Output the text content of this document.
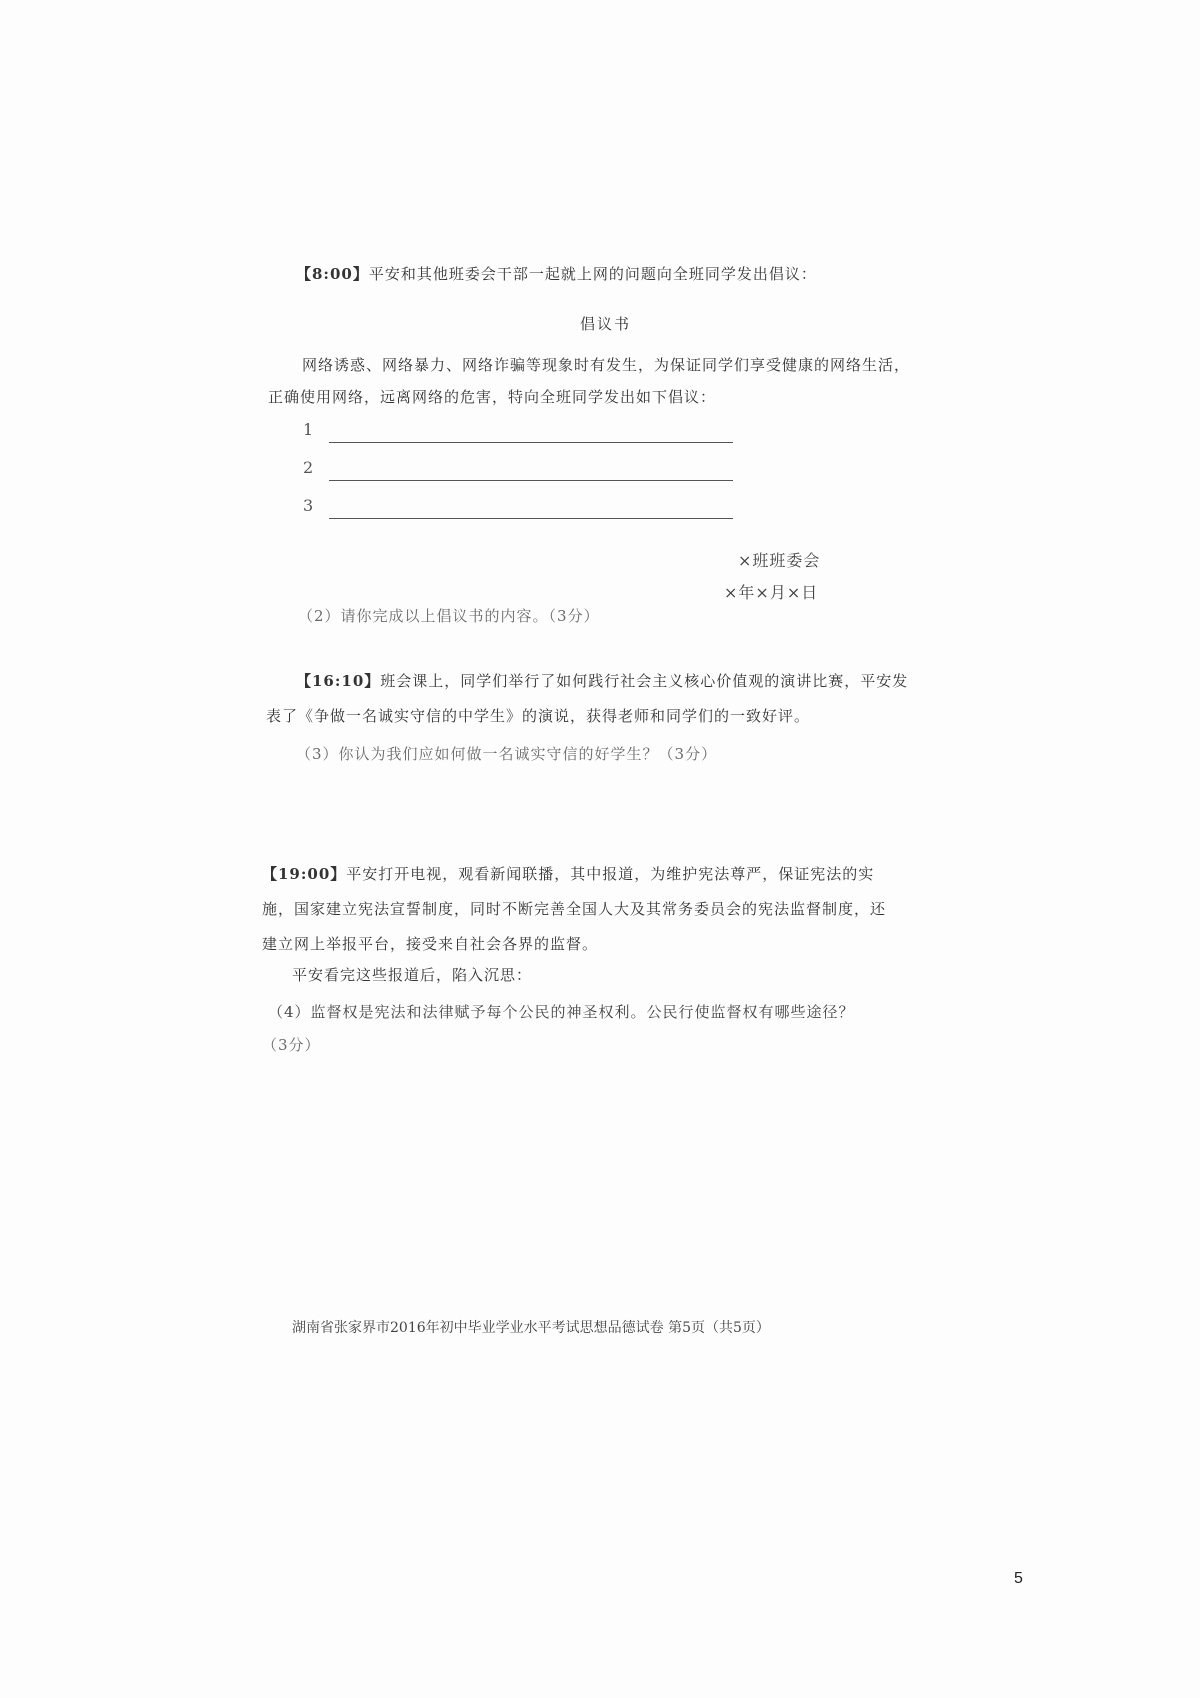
【8:00】平安和其他班委会干部一起就上网的问题向全班同学发出倡议：
倡议书
网络诱惑、网络暴力、网络诈骗等现象时有发生，为保证同学们享受健康的网络生活，
正确使用网络，远离网络的危害，特向全班同学发出如下倡议：
1
2
3
×班班委会
×年×月×日
（2）请你完成以上倡议书的内容。（3分）
【16:10】班会课上，同学们举行了如何践行社会主义核心价值观的演讲比赛，平安发
表了《争做一名诚实守信的中学生》的演说，获得老师和同学们的一致好评。
（3）你认为我们应如何做一名诚实守信的好学生？（3分）
【19:00】平安打开电视，观看新闻联播，其中报道，为维护宪法尊严，保证宪法的实
施，国家建立宪法宣誓制度，同时不断完善全国人大及其常务委员会的宪法监督制度，还
建立网上举报平台，接受来自社会各界的监督。
平安看完这些报道后，陷入沉思：
（4）监督权是宪法和法律赋予每个公民的神圣权利。公民行使监督权有哪些途径？
（3分）
湖南省张家界市2016年初中毕业学业水平考试思想品德试卷 第5页（共5页）
5
